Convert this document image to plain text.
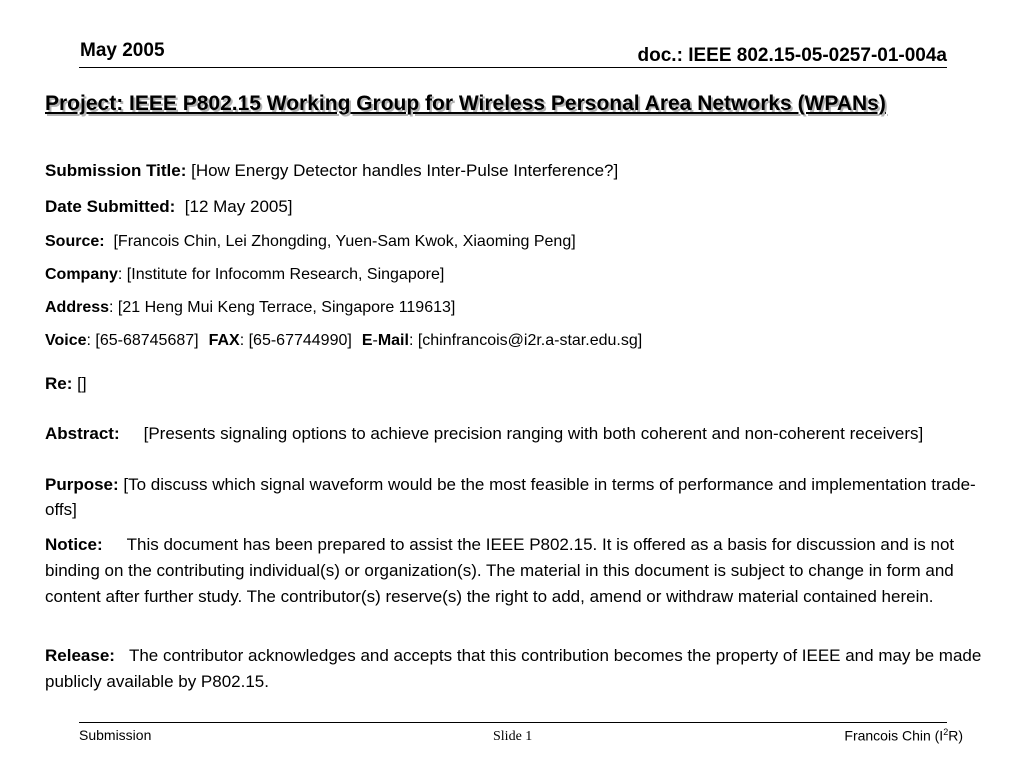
May 2005	doc.: IEEE 802.15-05-0257-01-004a
Project: IEEE P802.15 Working Group for Wireless Personal Area Networks (WPANs)
Submission Title: [How Energy Detector handles Inter-Pulse Interference?]
Date Submitted:  [12 May 2005]
Source:  [Francois Chin, Lei Zhongding, Yuen-Sam Kwok, Xiaoming Peng]
Company: [Institute for Infocomm Research, Singapore]
Address: [21 Heng Mui Keng Terrace, Singapore 119613]
Voice: [65-68745687] FAX: [65-67744990] E-Mail: [chinfrancois@i2r.a-star.edu.sg]
Re: []
Abstract: [Presents signaling options to achieve precision ranging with both coherent and non-coherent receivers]
Purpose: [To discuss which signal waveform would be the most feasible in terms of performance and implementation trade-offs]
Notice: This document has been prepared to assist the IEEE P802.15. It is offered as a basis for discussion and is not binding on the contributing individual(s) or organization(s). The material in this document is subject to change in form and content after further study. The contributor(s) reserve(s) the right to add, amend or withdraw material contained herein.
Release: The contributor acknowledges and accepts that this contribution becomes the property of IEEE and may be made publicly available by P802.15.
Submission	Slide 1	Francois Chin $(I^2R)$
